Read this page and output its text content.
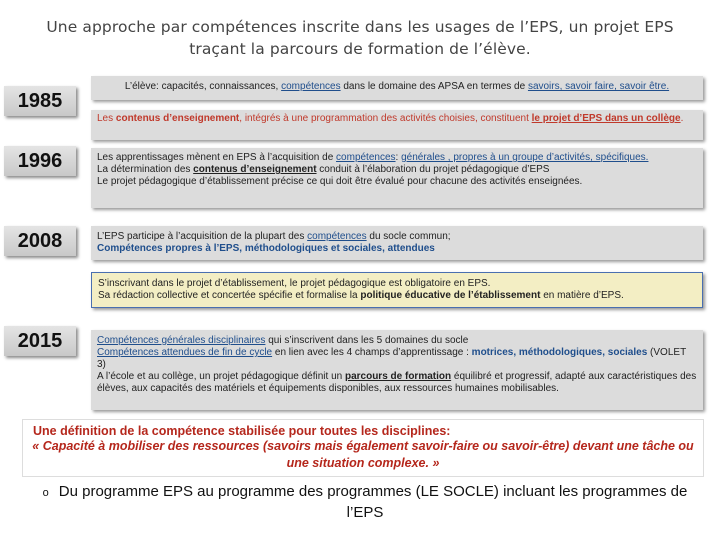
Une approche par compétences inscrite dans les usages de l’EPS, un projet EPS traçant la parcours de formation de l’élève.
1985
1996
2008
2015

L’élève: capacités, connaissances, compétences dans le domaine des APSA en termes de savoirs, savoir faire, savoir être.

Les contenus d’enseignement, intégrés à une programmation des activités choisies, constituent le projet d’EPS dans un collège.

Les apprentissages mènent en EPS à l’acquisition de compétences: générales , propres à un groupe d’activités, spécifiques.

La détermination des contenus d’enseignement conduit à l’élaboration du projet pédagogique d’EPS

Le projet pédagogique d’établissement précise ce qui doit être évalué pour chacune des activités enseignées.

L’EPS participe à l’acquisition de la plupart des compétences du socle commun;

Compétences propres à l’EPS, méthodologiques et sociales, attendues

S’inscrivant dans le projet d’établissement, le projet pédagogique est obligatoire en EPS.

Sa rédaction collective et concertée spécifie et formalise la politique éducative de l’établissement en matière d’EPS.

Compétences générales disciplinaires qui s’inscrivent dans les 5 domaines du socle

Compétences attendues de fin de cycle en lien avec les 4 champs d’apprentissage : motrices, méthodologiques, sociales (VOLET 3)

A l’école et au collège, un projet pédagogique définit un parcours de formation équilibré et progressif, adapté aux caractéristiques des élèves, aux capacités des matériels et équipements disponibles, aux ressources humaines mobilisables.

Une définition de la compétence stabilisée pour toutes les disciplines:
« Capacité à mobiliser des ressources (savoirs mais également savoir-faire ou savoir-être) devant une tâche ou une situation complexe. »
o Du programme EPS au programme des programmes (LE SOCLE) incluant les programmes de l’EPS
